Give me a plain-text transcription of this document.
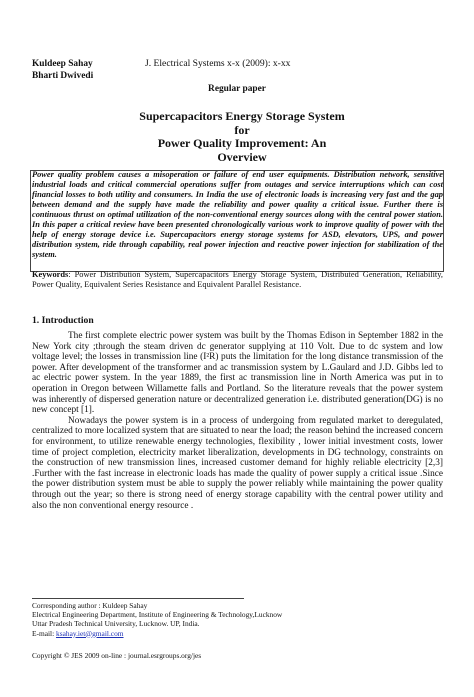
Kuldeep Sahay
Bharti Dwivedi
J. Electrical Systems x-x (2009): x-xx
Regular paper
Supercapacitors Energy Storage System
for
Power Quality Improvement: An
Overview
Power quality problem causes a misoperation or failure of end user equipments. Distribution network, sensitive industrial loads and critical commercial operations suffer from outages and service interruptions which can cost financial losses to both utility and consumers. In India the use of electronic loads is increasing very fast and the gap between demand and the supply have made the reliability and power quality a critical issue. Further there is continuous thrust on optimal utilization of the non-conventional energy sources along with the central power station. In this paper a critical review have been presented chronologically various work to improve quality of power with the help of energy storage device i.e. Supercapacitors energy storage systems for ASD, elevators, UPS, and power distribution system, ride through capability, real power injection and reactive power injection for stabilization of the system.
Keywords: Power Distribution System, Supercapacitors Energy Storage System, Distributed Generation, Reliability, Power Quality, Equivalent Series Resistance and Equivalent Parallel Resistance.
1. Introduction

The first complete electric power system was built by the Thomas Edison in September 1882 in the New York city ;through the steam driven dc generator supplying at 110 Volt. Due to dc system and low voltage level; the losses in transmission line (I²R) puts the limitation for the long distance transmission of the power. After development of the transformer and ac transmission system by L.Gaulard and J.D. Gibbs led to ac electric power system. In the year 1889, the first ac transmission line in North America was put in to operation in Oregon between Willamette falls and Portland. So the literature reveals that the power system was inherently of dispersed generation nature or decentralized generation i.e. distributed generation(DG) is no new concept [1].

Nowadays the power system is in a process of undergoing from regulated market to deregulated, centralized to more localized system that are situated to near the load; the reason behind the increased concern for environment, to utilize renewable energy technologies, flexibility , lower initial investment costs, lower time of project completion, electricity market liberalization, developments in DG technology, constraints on the construction of new transmission lines, increased customer demand for highly reliable electricity [2,3] .Further with the fast increase in electronic loads has made the quality of power supply a critical issue .Since the power distribution system must be able to supply the power reliably while maintaining the power quality through out the year; so there is strong need of energy storage capability with the central power utility and also the non conventional energy resource .

Corresponding author : Kuldeep Sahay
Electrical Engineering Department, Institute of Engineering & Technology,Lucknow
Uttar Pradesh Technical University, Lucknow. UP, India.
E-mail: ksahay.iet@gmail.com
Copyright © JES 2009 on-line : journal.esrgroups.org/jes
